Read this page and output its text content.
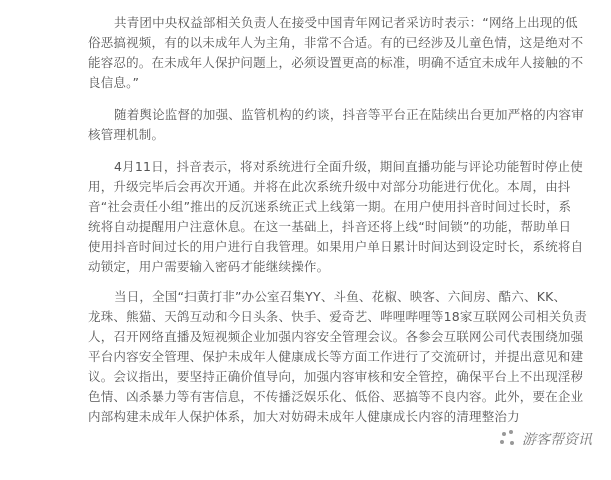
共青团中央权益部相关负责人在接受中国青年网记者采访时表示：“网络上出现的低
俗恶搞视频，有的以未成年人为主角，非常不合适。有的已经涉及儿童色情，这是绝对不
能容忍的。在未成年人保护问题上，必须设置更高的标准，明确不适宜未成年人接触的不
良信息。”
随着舆论监督的加强、监管机构的约谈，抖音等平台正在陆续出台更加严格的内容审
核管理机制。
4月11日，抖音表示，将对系统进行全面升级，期间直播功能与评论功能暂时停止使
用，升级完毕后会再次开通。并将在此次系统升级中对部分功能进行优化。本周，由抖
音“社会责任小组”推出的反沉迷系统正式上线第一期。在用户使用抖音时间过长时，系
统将自动提醒用户注意休息。在这一基础上，抖音还将上线“时间锁”的功能，帮助单日
使用抖音时间过长的用户进行自我管理。如果用户单日累计时间达到设定时长，系统将自
动锁定，用户需要输入密码才能继续操作。
当日，全国“扫黄打非”办公室召集YY、斗鱼、花椒、映客、六间房、酷六、KK、
龙珠、熊猫、天鸽互动和今日头条、快手、爱奇艺、哔哩哔哩等18家互联网公司相关负责
人，召开网络直播及短视频企业加强内容安全管理会议。各参会互联网公司代表围绕加强
平台内容安全管理、保护未成年人健康成长等方面工作进行了交流研讨，并提出意见和建
议。会议指出，要坚持正确价值导向，加强内容审核和安全管控，确保平台上不出现淫秽
色情、凶杀暴力等有害信息，不传播泛娱乐化、低俗、恶搞等不良内容。此外，要在企业
内部构建未成年人保护体系，加大对妨碍未成年人健康成长内容的清理整治力
游客帮资讯
